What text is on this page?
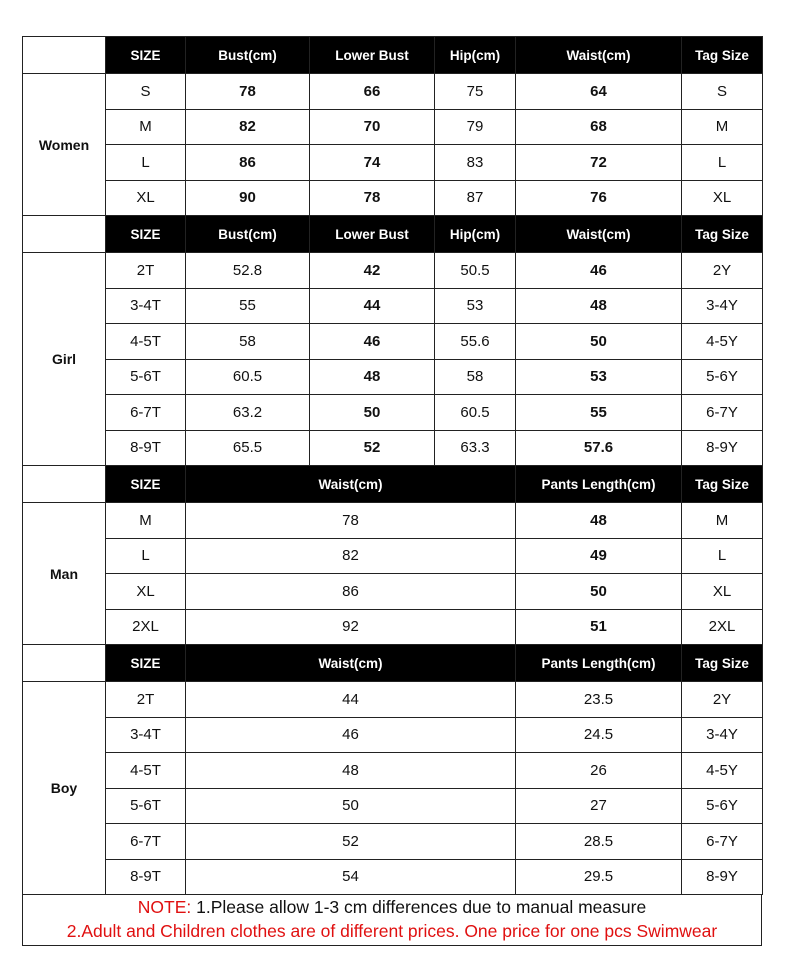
	SIZE	Bust(cm)	Lower Bust	Hip(cm)	Waist(cm)	Tag Size
Women	S	78	66	75	64	S
	M	82	70	79	68	M
	L	86	74	83	72	L
	XL	90	78	87	76	XL
	SIZE	Bust(cm)	Lower Bust	Hip(cm)	Waist(cm)	Tag Size
Girl	2T	52.8	42	50.5	46	2Y
	3-4T	55	44	53	48	3-4Y
	4-5T	58	46	55.6	50	4-5Y
	5-6T	60.5	48	58	53	5-6Y
	6-7T	63.2	50	60.5	55	6-7Y
	8-9T	65.5	52	63.3	57.6	8-9Y
	SIZE	Waist(cm)			Pants Length(cm)	Tag Size
Man	M	78			48	M
	L	82			49	L
	XL	86			50	XL
	2XL	92			51	2XL
	SIZE	Waist(cm)			Pants Length(cm)	Tag Size
Boy	2T	44			23.5	2Y
	3-4T	46			24.5	3-4Y
	4-5T	48			26	4-5Y
	5-6T	50			27	5-6Y
	6-7T	52			28.5	6-7Y
	8-9T	54			29.5	8-9Y
NOTE: 1.Please allow 1-3 cm differences due to manual measure
2.Adult and Children clothes are of different prices. One price for one pcs Swimwear
